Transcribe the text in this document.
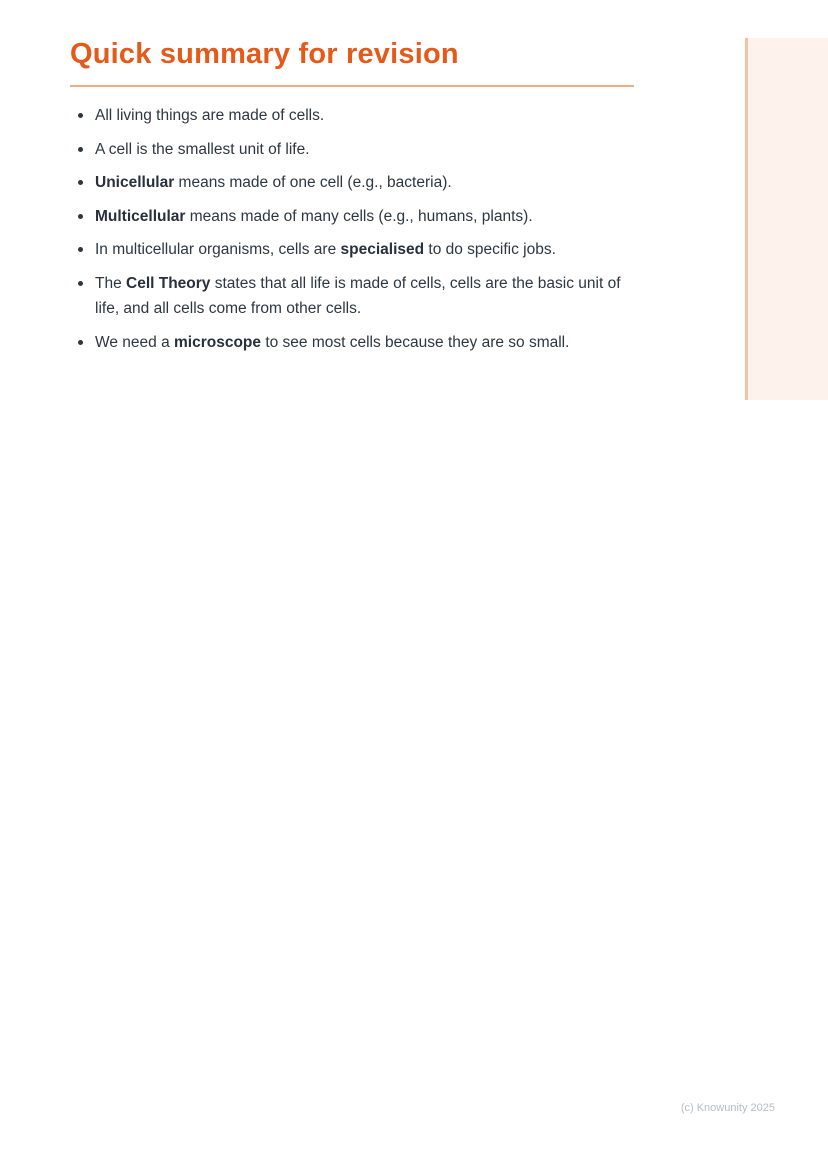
Quick summary for revision
All living things are made of cells.
A cell is the smallest unit of life.
Unicellular means made of one cell (e.g., bacteria).
Multicellular means made of many cells (e.g., humans, plants).
In multicellular organisms, cells are specialised to do specific jobs.
The Cell Theory states that all life is made of cells, cells are the basic unit of life, and all cells come from other cells.
We need a microscope to see most cells because they are so small.
(c) Knowunity 2025
